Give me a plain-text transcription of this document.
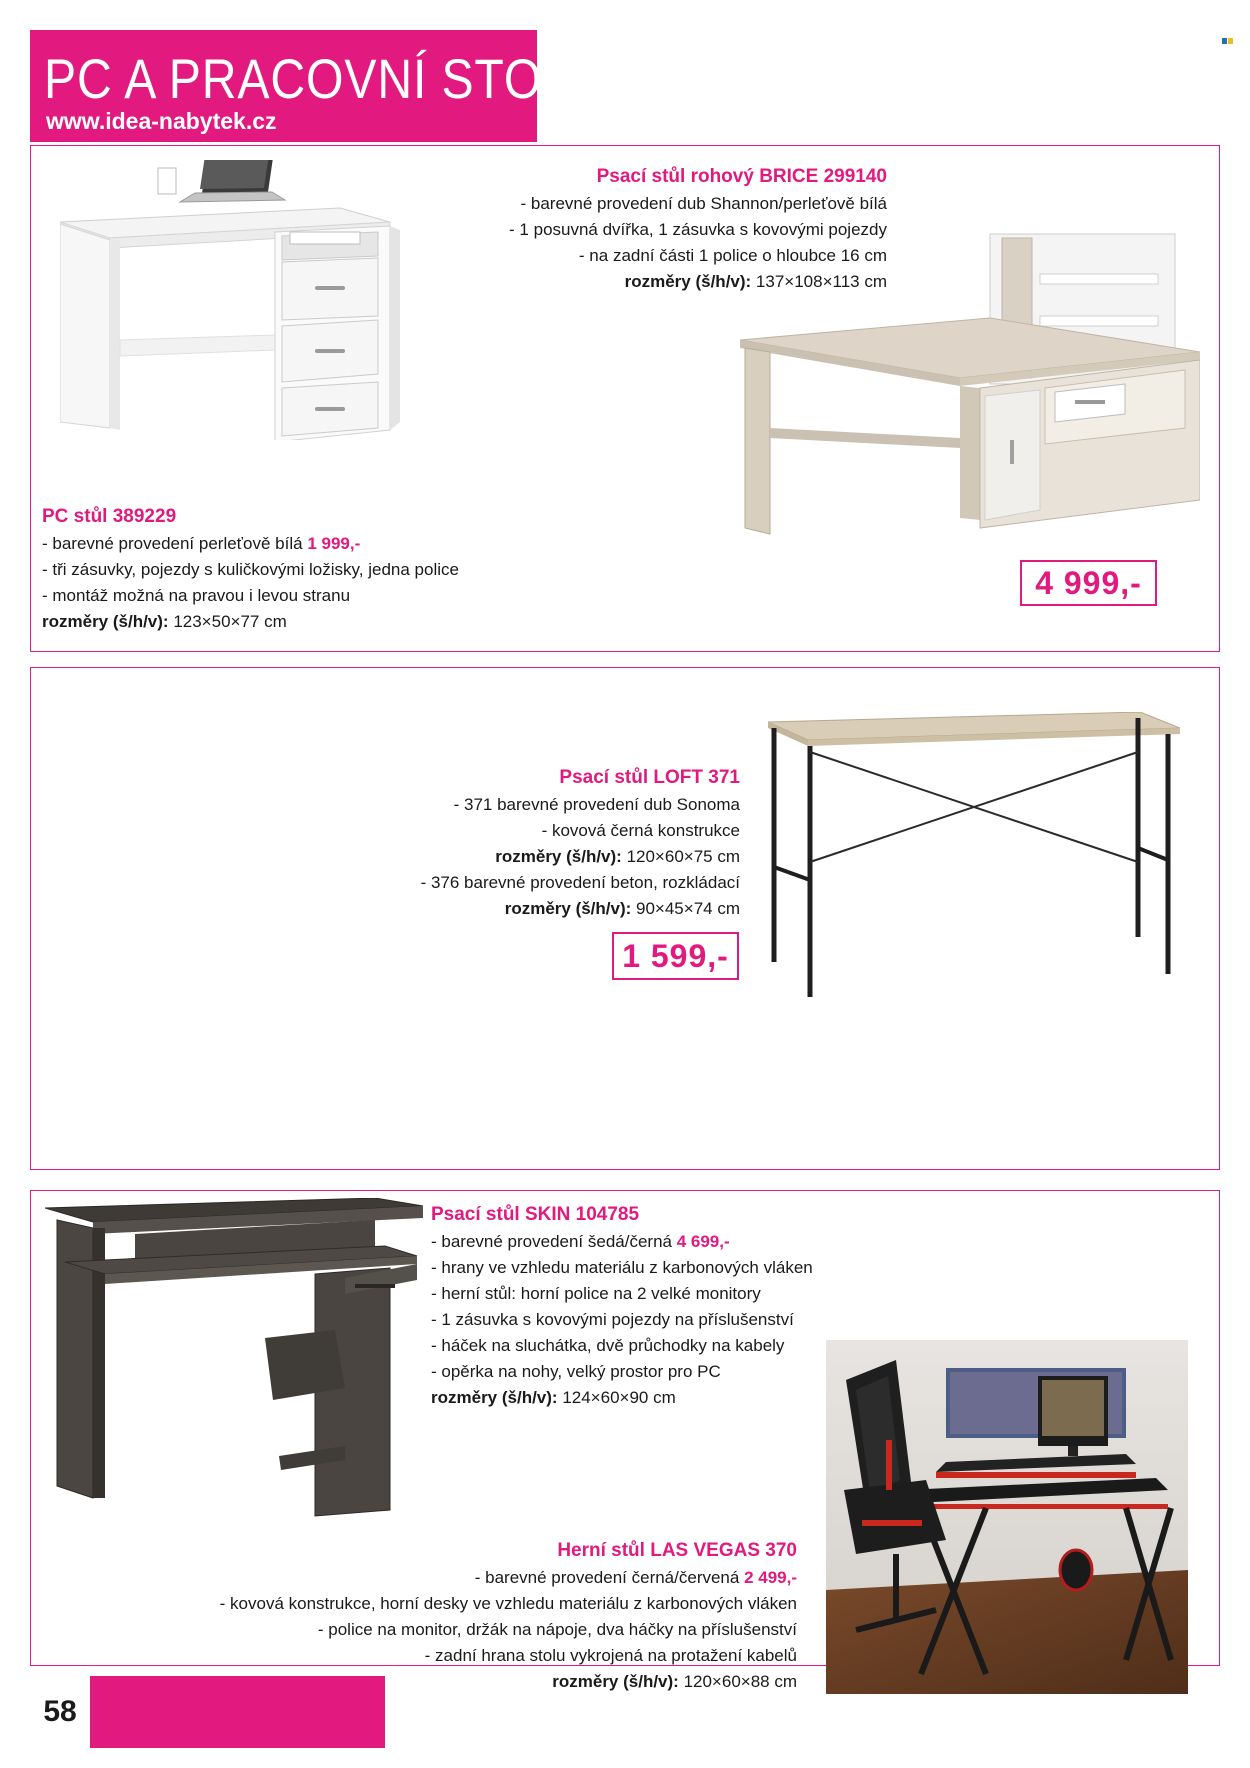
PC A PRACOVNÍ STOLY
www.idea-nabytek.cz
Psací stůl rohový BRICE 299140
- barevné provedení dub Shannon/perleťově bílá
- 1 posuvná dvířka, 1 zásuvka s kovovými pojezdy
- na zadní části 1 police o hloubce 16 cm
rozměry (š/h/v): 137×108×113 cm
4 999,-
PC stůl 389229
- barevné provedení perleťově bílá 1 999,-
- tři zásuvky, pojezdy s kuličkovými ložisky, jedna police
- montáž možná na pravou i levou stranu
rozměry (š/h/v): 123×50×77 cm
Psací stůl LOFT 371
- 371 barevné provedení dub Sonoma
- kovová černá konstrukce
rozměry (š/h/v): 120×60×75 cm
- 376 barevné provedení beton, rozkládací
rozměry (š/h/v): 90×45×74 cm
1 599,-
Psací stůl SKIN 104785
- barevné provedení šedá/černá 4 699,-
- hrany ve vzhledu materiálu z karbonových vláken
- herní stůl: horní police na 2 velké monitory
- 1 zásuvka s kovovými pojezdy na příslušenství
- háček na sluchátka, dvě průchodky na kabely
- opěrka na nohy, velký prostor pro PC
rozměry (š/h/v): 124×60×90 cm
Herní stůl LAS VEGAS 370
- barevné provedení černá/červená 2 499,-
- kovová konstrukce, horní desky ve vzhledu materiálu z karbonových vláken
- police na monitor, držák na nápoje, dva háčky na příslušenství
- zadní hrana stolu vykrojená na protažení kabelů
rozměry (š/h/v): 120×60×88 cm
58
